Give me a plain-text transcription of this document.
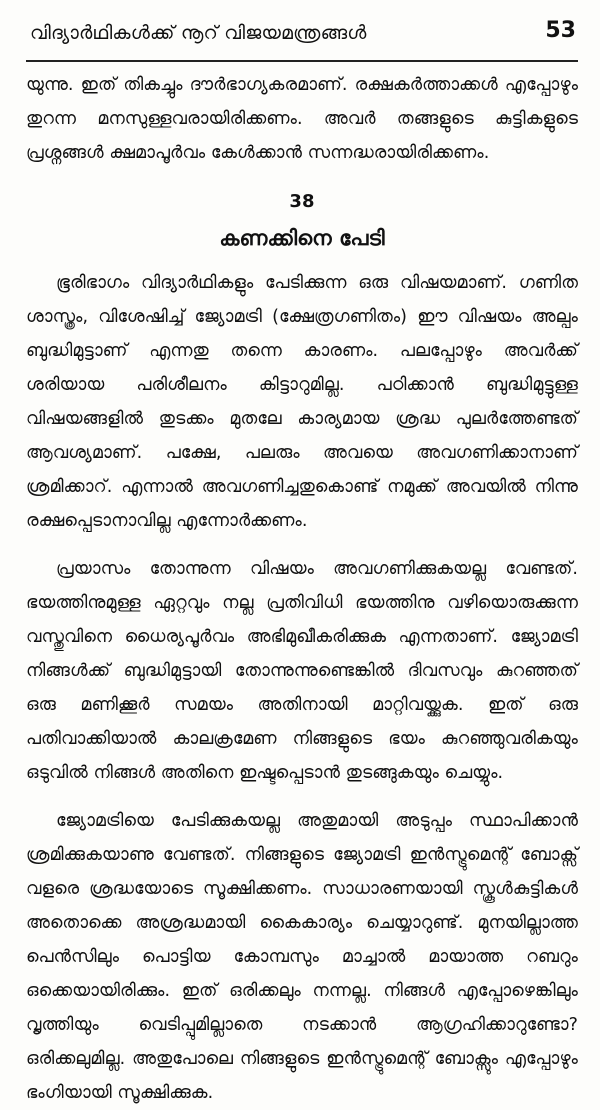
വിദ്യാർഥികൾക്ക് നൂറ് വിജയമന്ത്രങ്ങൾ	53

യുന്നു. ഇത് തികച്ചും ദൗർഭാഗ്യകരമാണ്. രക്ഷകർത്താക്കൾ എപ്പോഴും തുറന്ന മനസുള്ളവരായിരിക്കണം. അവർ തങ്ങളുടെ കുട്ടികളുടെ പ്രശ്നങ്ങൾ ക്ഷമാപൂർവം കേൾക്കാൻ സന്നദ്ധരായിരിക്കണം.

38
കണക്കിനെ പേടി

ഭൂരിഭാഗം വിദ്യാർഥികളും പേടിക്കുന്ന ഒരു വിഷയമാണ്. ഗണിത ശാസ്ത്രം, വിശേഷിച്ച് ജ്യോമട്രി (ക്ഷേത്രഗണിതം) ഈ വിഷയം അല്പം ബുദ്ധിമുട്ടാണ് എന്നതു തന്നെ കാരണം. പലപ്പോഴും അവർക്ക് ശരിയായ പരിശീലനം കിട്ടാറുമില്ല. പഠിക്കാൻ ബുദ്ധിമുട്ടുള്ള വിഷയങ്ങളിൽ തുടക്കം മുതലേ കാര്യമായ ശ്രദ്ധ പുലർത്തേണ്ടത് ആവശ്യമാണ്. പക്ഷേ, പലരും അവയെ അവഗണിക്കാനാണ് ശ്രമിക്കാറ്. എന്നാൽ അവഗണിച്ചതുകൊണ്ട് നമുക്ക് അവയിൽ നിന്നു രക്ഷപ്പെടാനാവില്ല എന്നോർക്കണം.

പ്രയാസം തോന്നുന്ന വിഷയം അവഗണിക്കുകയല്ല വേണ്ടത്. ഭയത്തിനുമുള്ള ഏറ്റവും നല്ല പ്രതിവിധി ഭയത്തിനു വഴിയൊരുക്കുന്ന വസ്തുവിനെ ധൈര്യപൂർവം അഭിമുഖീകരിക്കുക എന്നതാണ്. ജ്യോമട്രി നിങ്ങൾക്ക് ബുദ്ധിമുട്ടായി തോന്നുന്നുണ്ടെങ്കിൽ ദിവസവും കുറഞ്ഞത് ഒരു മണിക്കൂർ സമയം അതിനായി മാറ്റിവയ്ക്കുക. ഇത് ഒരു പതിവാക്കിയാൽ കാലക്രമേണ നിങ്ങളുടെ ഭയം കുറഞ്ഞുവരികയും ഒടുവിൽ നിങ്ങൾ അതിനെ ഇഷ്ടപ്പെടാൻ തുടങ്ങുകയും ചെയ്യും.

ജ്യോമട്രിയെ പേടിക്കുകയല്ല അതുമായി അടുപ്പം സ്ഥാപിക്കാൻ ശ്രമിക്കുകയാണു വേണ്ടത്. നിങ്ങളുടെ ജ്യോമട്രി ഇൻസ്ട്രുമെന്റ് ബോക്സ് വളരെ ശ്രദ്ധയോടെ സൂക്ഷിക്കണം. സാധാരണയായി സ്കൂൾകുട്ടികൾ അതൊക്കെ അശ്രദ്ധമായി കൈകാര്യം ചെയ്യാറുണ്ട്. മുനയില്ലാത്ത പെൻസിലും പൊട്ടിയ കോമ്പസും മാച്ചാൽ മായാത്ത റബറും ഒക്കെയായിരിക്കും. ഇത് ഒരിക്കലും നന്നല്ല. നിങ്ങൾ എപ്പോഴെങ്കിലും വൃത്തിയും വെടിപ്പുമില്ലാതെ നടക്കാൻ ആഗ്രഹിക്കാറുണ്ടോ? ഒരിക്കലുമില്ല. അതുപോലെ നിങ്ങളുടെ ഇൻസ്ട്രുമെന്റ് ബോക്സും എപ്പോഴും ഭംഗിയായി സൂക്ഷിക്കുക.
